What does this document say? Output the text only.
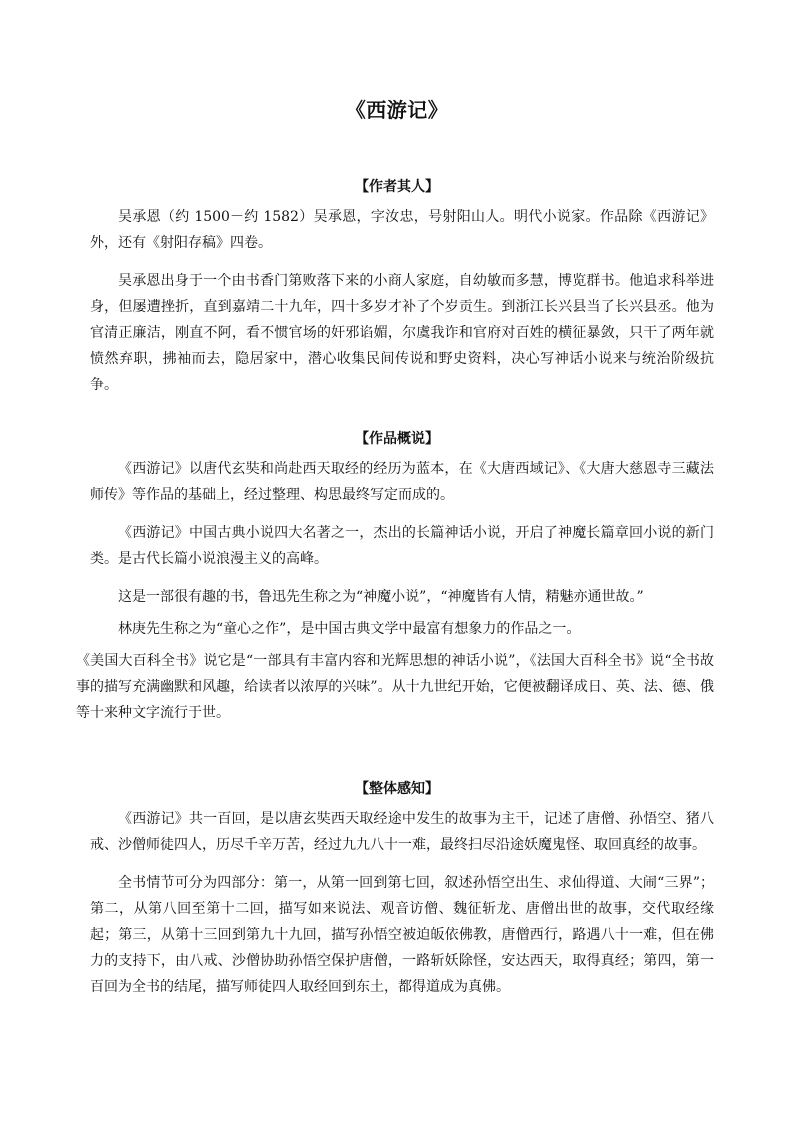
《西游记》
【作者其人】

吴承恩（约 1500－约 1582）吴承恩，字汝忠，号射阳山人。明代小说家。作品除《西游记》外，还有《射阳存稿》四卷。

吴承恩出身于一个由书香门第败落下来的小商人家庭，自幼敏而多慧，博览群书。他追求科举进身，但屡遭挫折，直到嘉靖二十九年，四十多岁才补了个岁贡生。到浙江长兴县当了长兴县丞。他为官清正廉洁，刚直不阿，看不惯官场的奸邪谄媚，尔虞我诈和官府对百姓的横征暴敛，只干了两年就愤然弃职，拂袖而去，隐居家中，潜心收集民间传说和野史资料，决心写神话小说来与统治阶级抗争。

【作品概说】

《西游记》以唐代玄奘和尚赴西天取经的经历为蓝本，在《大唐西域记》、《大唐大慈恩寺三藏法师传》等作品的基础上，经过整理、构思最终写定而成的。

《西游记》中国古典小说四大名著之一，杰出的长篇神话小说，开启了神魔长篇章回小说的新门类。是古代长篇小说浪漫主义的高峰。

这是一部很有趣的书，鲁迅先生称之为“神魔小说”，“神魔皆有人情，精魅亦通世故。”

林庚先生称之为“童心之作”，是中国古典文学中最富有想象力的作品之一。

《美国大百科全书》说它是“一部具有丰富内容和光辉思想的神话小说”，《法国大百科全书》说“全书故事的描写充满幽默和风趣，给读者以浓厚的兴味”。从十九世纪开始，它便被翻译成日、英、法、德、俄等十来种文字流行于世。

【整体感知】

《西游记》共一百回，是以唐玄奘西天取经途中发生的故事为主干，记述了唐僧、孙悟空、猪八戒、沙僧师徒四人，历尽千辛万苦，经过九九八十一难，最终扫尽沿途妖魔鬼怪、取回真经的故事。

全书情节可分为四部分：第一，从第一回到第七回，叙述孙悟空出生、求仙得道、大闹“三界”；第二，从第八回至第十二回，描写如来说法、观音访僧、魏征斩龙、唐僧出世的故事，交代取经缘起；第三，从第十三回到第九十九回，描写孙悟空被迫皈依佛教，唐僧西行，路遇八十一难，但在佛力的支持下，由八戒、沙僧协助孙悟空保护唐僧，一路斩妖除怪，安达西天，取得真经；第四，第一百回为全书的结尾，描写师徒四人取经回到东土，都得道成为真佛。
